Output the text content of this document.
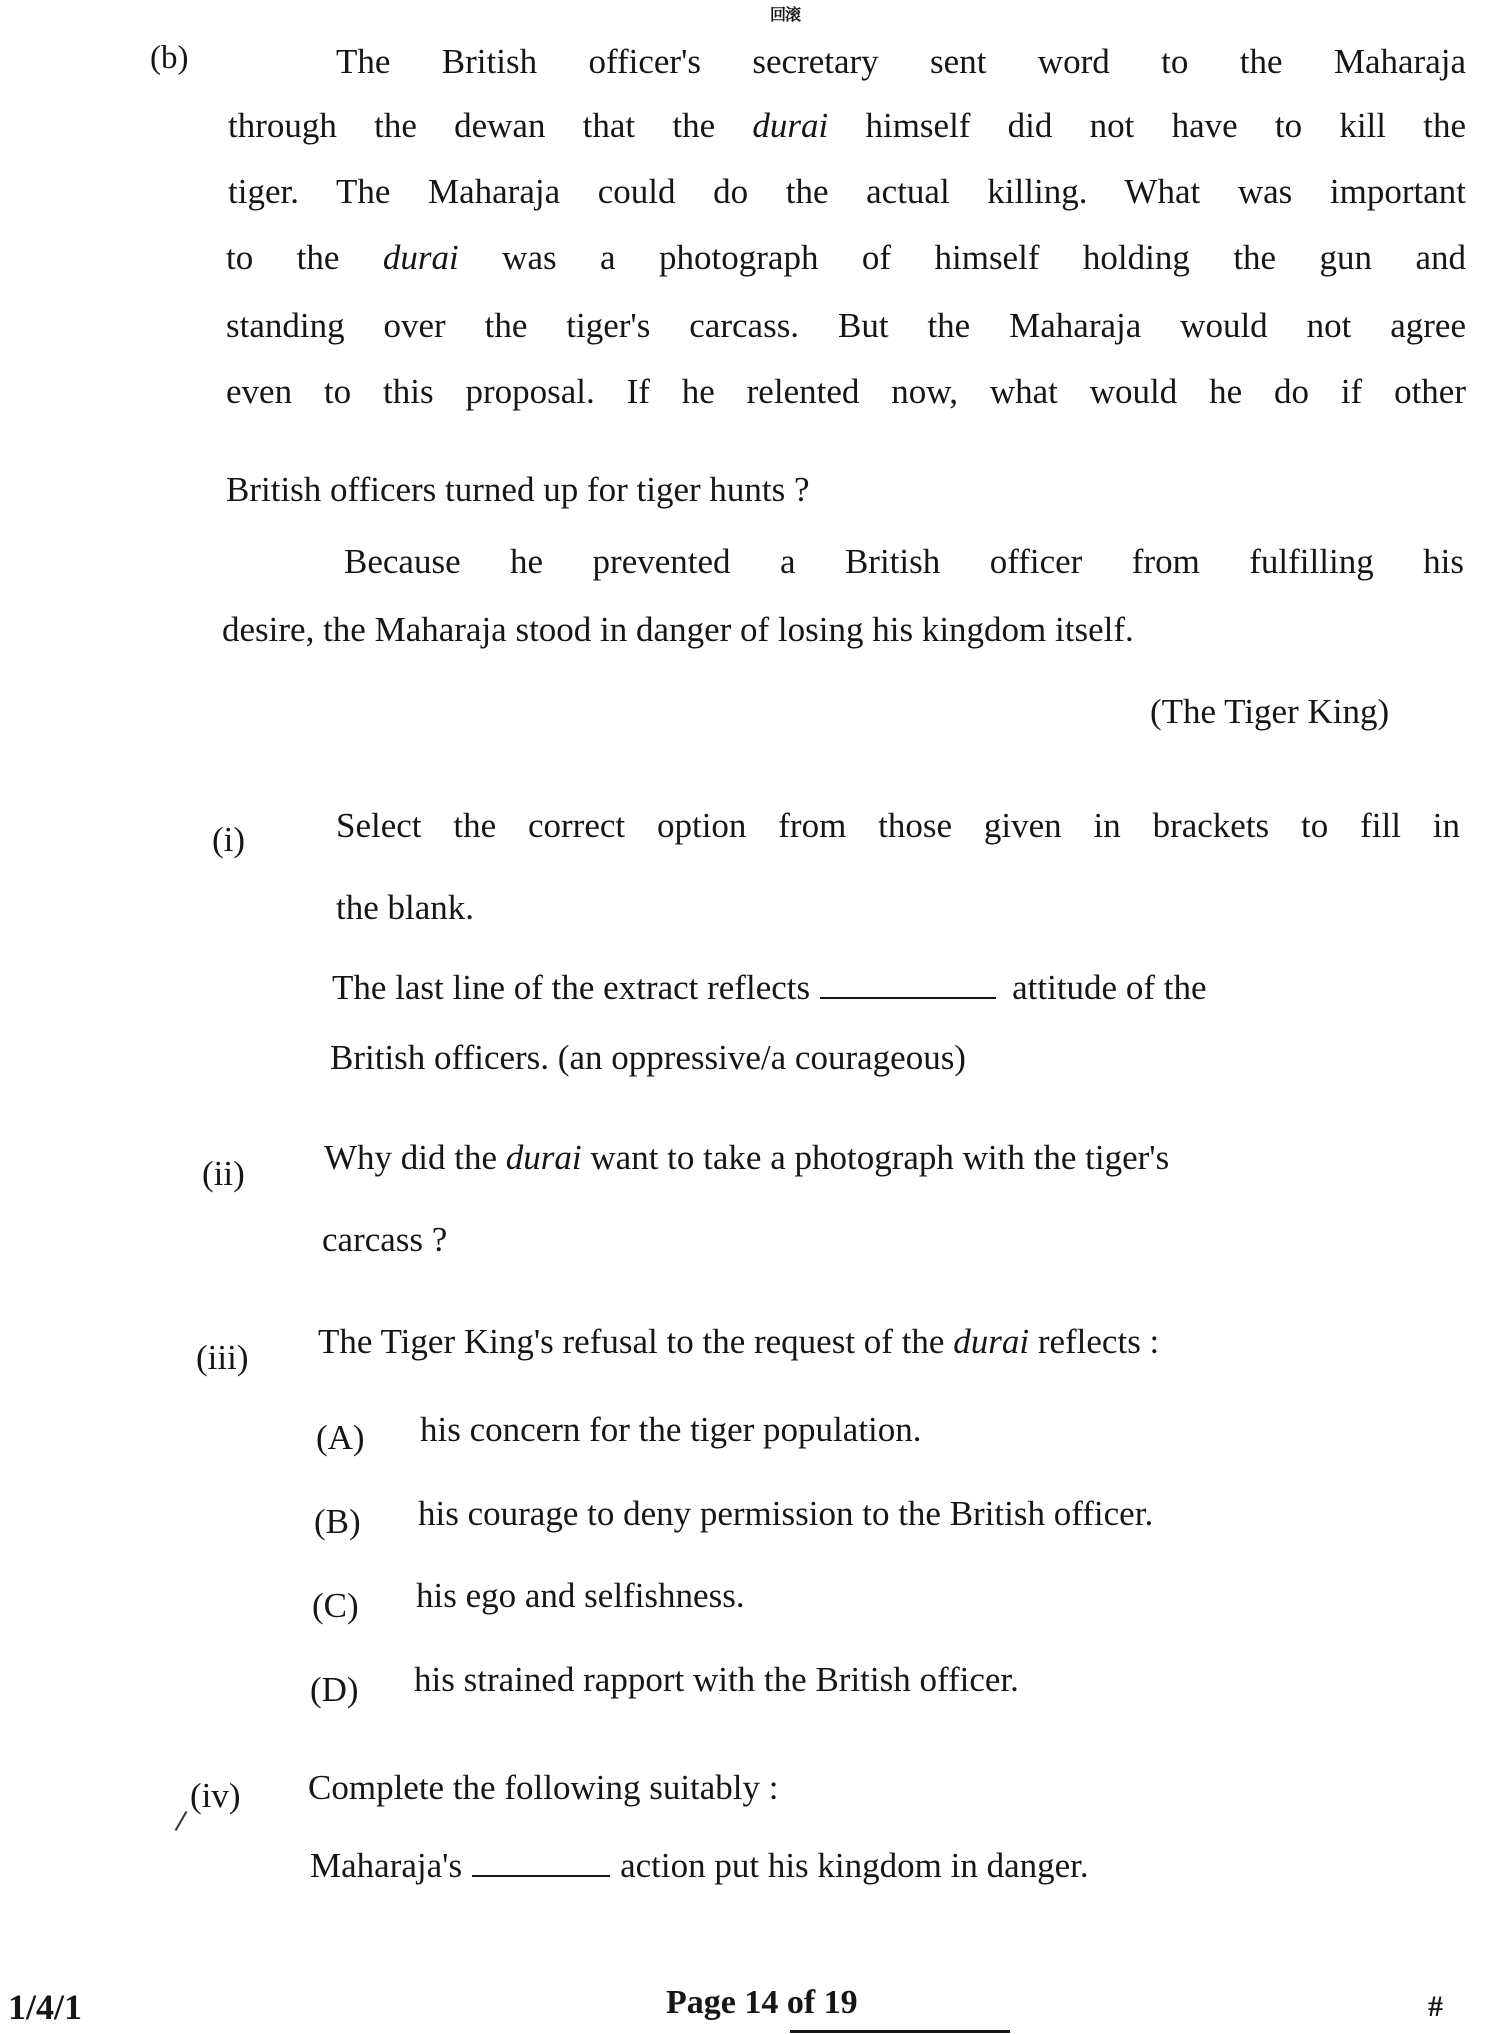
回滚
(b)	The British officer's secretary sent word to the Maharaja
through the dewan that the durai himself did not have to kill the
tiger. The Maharaja could do the actual killing. What was important
to the durai was a photograph of himself holding the gun and
standing over the tiger's carcass. But the Maharaja would not agree
even to this proposal. If he relented now, what would he do if other
British officers turned up for tiger hunts ?
Because he prevented a British officer from fulfilling his
desire, the Maharaja stood in danger of losing his kingdom itself.
(The Tiger King)
(i)	Select the correct option from those given in brackets to fill in
the blank.
The last line of the extract reflects	attitude of the
British officers. (an oppressive/a courageous)
(ii) Why did the durai want to take a photograph with the tiger's
carcass ?
(iii) The Tiger King's refusal to the request of the durai reflects :
(A) his concern for the tiger population.
(B) his courage to deny permission to the British officer.
(C) his ego and selfishness.
(D) his strained rapport with the British officer.
(iv) Complete the following suitably :
Maharaja's	action put his kingdom in danger.
1/4/1	Page 14 of 19	#
